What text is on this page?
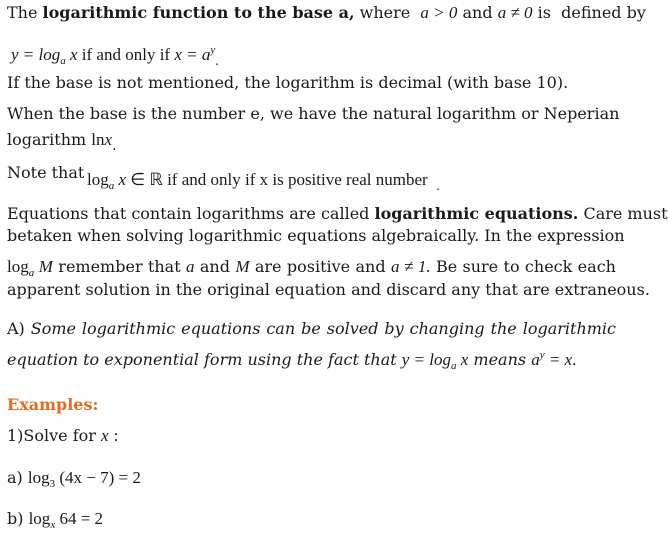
The logarithmic function to the base a, where a > 0 and a ≠ 0 is defined by
$y = \log_a x$ if and only if $x = a^y_.$
If the base is not mentioned, the logarithm is decimal (with base 10).
When the base is the number e, we have the natural logarithm or Neperian
logarithm lnx.
Note that $\log_a x$ ∈ ℝ if and only if x is positive real number $_.$
Equations that contain logarithms are called logarithmic equations. Care must
betaken when solving logarithmic equations algebraically. In the expression
$\log_a M$ remember that a and M are positive and a ≠ 1. Be sure to check each
apparent solution in the original equation and discard any that are extraneous.
A) Some logarithmic equations can be solved by changing the logarithmic
equation to exponential form using the fact that $y = \log_a x$ means $a^y = x$.
Examples:
1)Solve for x :
a) $\log_3 (4x - 7) = 2$
b) $\log_x 64 = 2$
